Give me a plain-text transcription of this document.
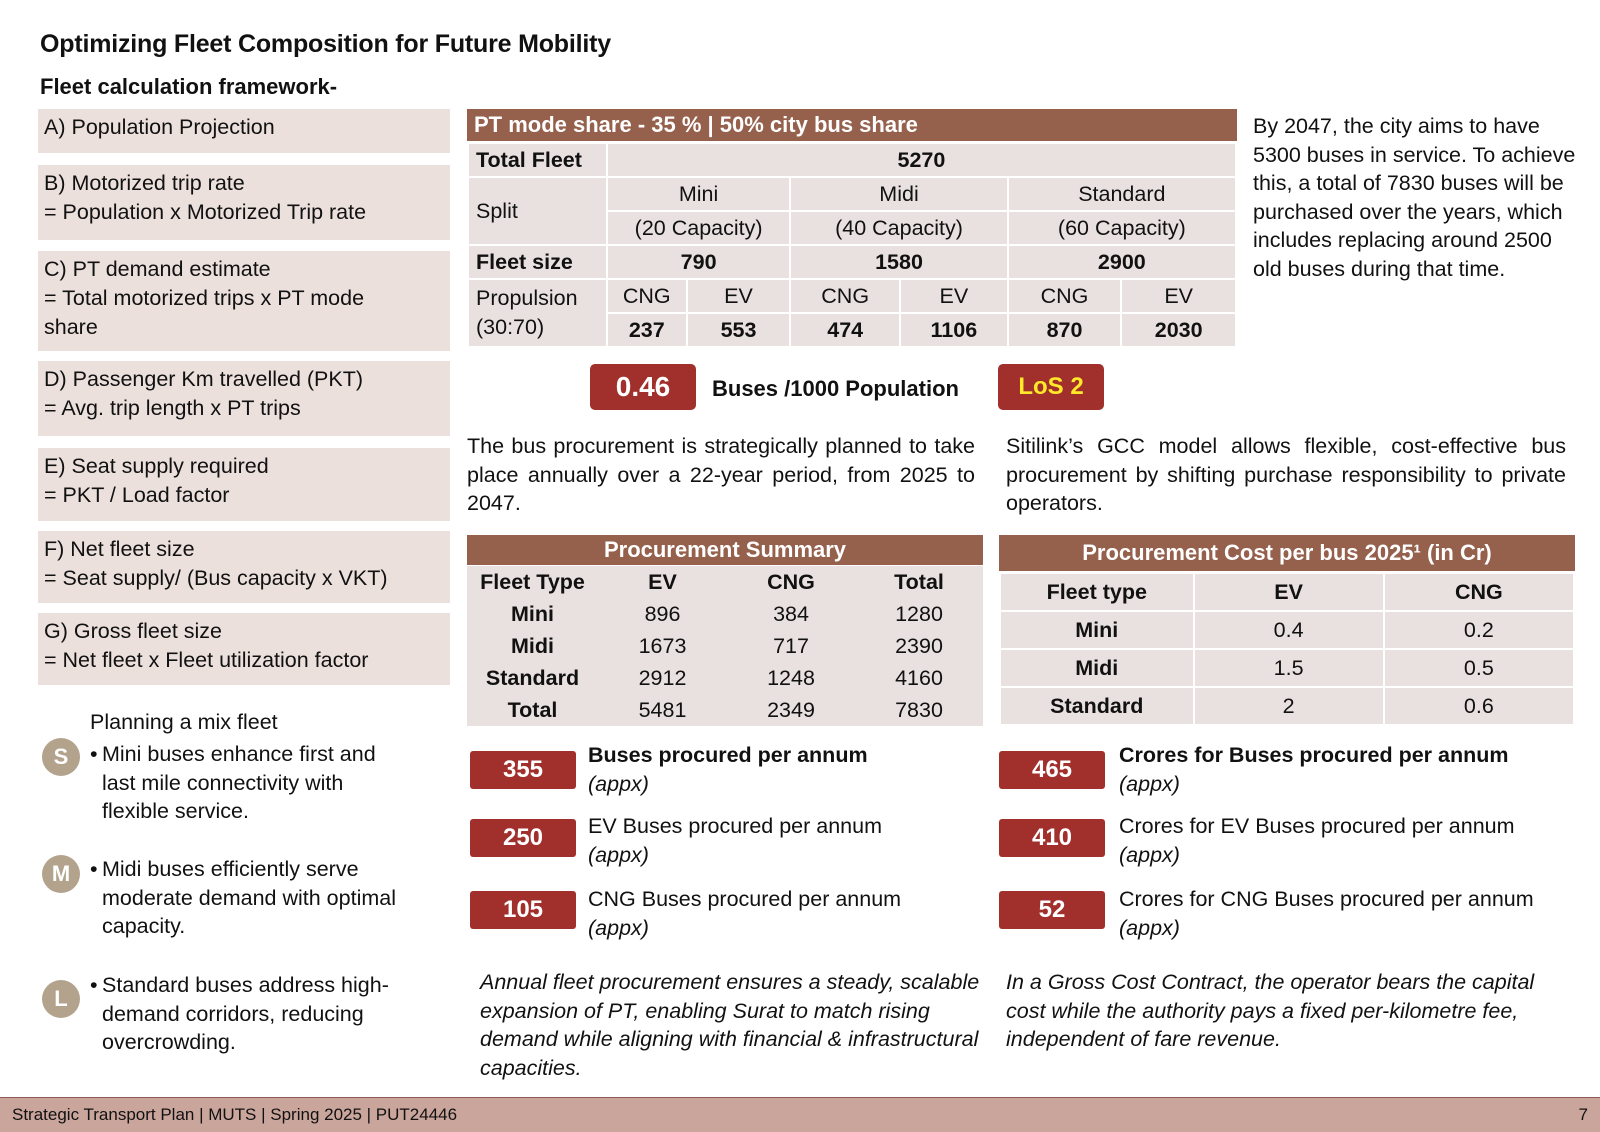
Optimizing Fleet Composition for Future Mobility
Fleet calculation framework-
A) Population Projection
B) Motorized trip rate
= Population x Motorized Trip rate
C) PT demand estimate
= Total motorized trips x PT mode
share
D) Passenger Km travelled (PKT)
= Avg. trip length x PT trips
E) Seat supply required
= PKT / Load factor
F) Net fleet size
= Seat supply/ (Bus capacity x VKT)
G) Gross fleet size
= Net fleet x Fleet utilization factor
Planning a mix fleet
S	• Mini buses enhance first and
last mile connectivity with
flexible service.
M • Midi buses efficiently serve
moderate demand with optimal
capacity.
L
• Standard buses address high-
demand corridors, reducing
overcrowding.
PT mode share - 35 % | 50% city bus share
Total Fleet	5270					
Split	Mini		Midi		Standard	
	(20 Capacity)		(40 Capacity)		(60 Capacity)	
Fleet size	790		1580		2900	

Propulsion
(30:70)	CNG	EV	CNG	EV	CNG	EV
	237	553	474	1106	870	2030
By 2047, the city aims to have 5300 buses in service. To achieve this, a total of 7830 buses will be purchased over the years, which includes replacing around 2500 old buses during that time.
0.46	Buses /1000 Population	LoS 2
The bus procurement is strategically planned to take place annually over a 22-year period, from 2025 to 2047.
Sitilink’s GCC model allows flexible, cost-effective bus procurement by shifting purchase responsibility to private operators.
Procurement Summary
Fleet Type	EV	CNG	Total
Mini	896	384	1280
Midi	1673	717	2390
Standard	2912	1248	4160
Total	5481	2349	7830
Procurement Cost per bus 2025¹ (in Cr)
Fleet type	EV	CNG
Mini	0.4	0.2
Midi	1.5	0.5
Standard	2	0.6
355
Buses procured per annum
(appx)
250	EV Buses procured per annum
(appx)
105	CNG Buses procured per annum
(appx)
465
Crores for Buses procured per annum
(appx)
410	Crores for EV Buses procured per annum
(appx)
52	Crores for CNG Buses procured per annum
(appx)
Annual fleet procurement ensures a steady, scalable expansion of PT, enabling Surat to match rising demand while aligning with financial & infrastructural capacities.
In a Gross Cost Contract, the operator bears the capital cost while the authority pays a fixed per-kilometre fee, independent of fare revenue.
Strategic Transport Plan | MUTS | Spring 2025 | PUT24446	7
